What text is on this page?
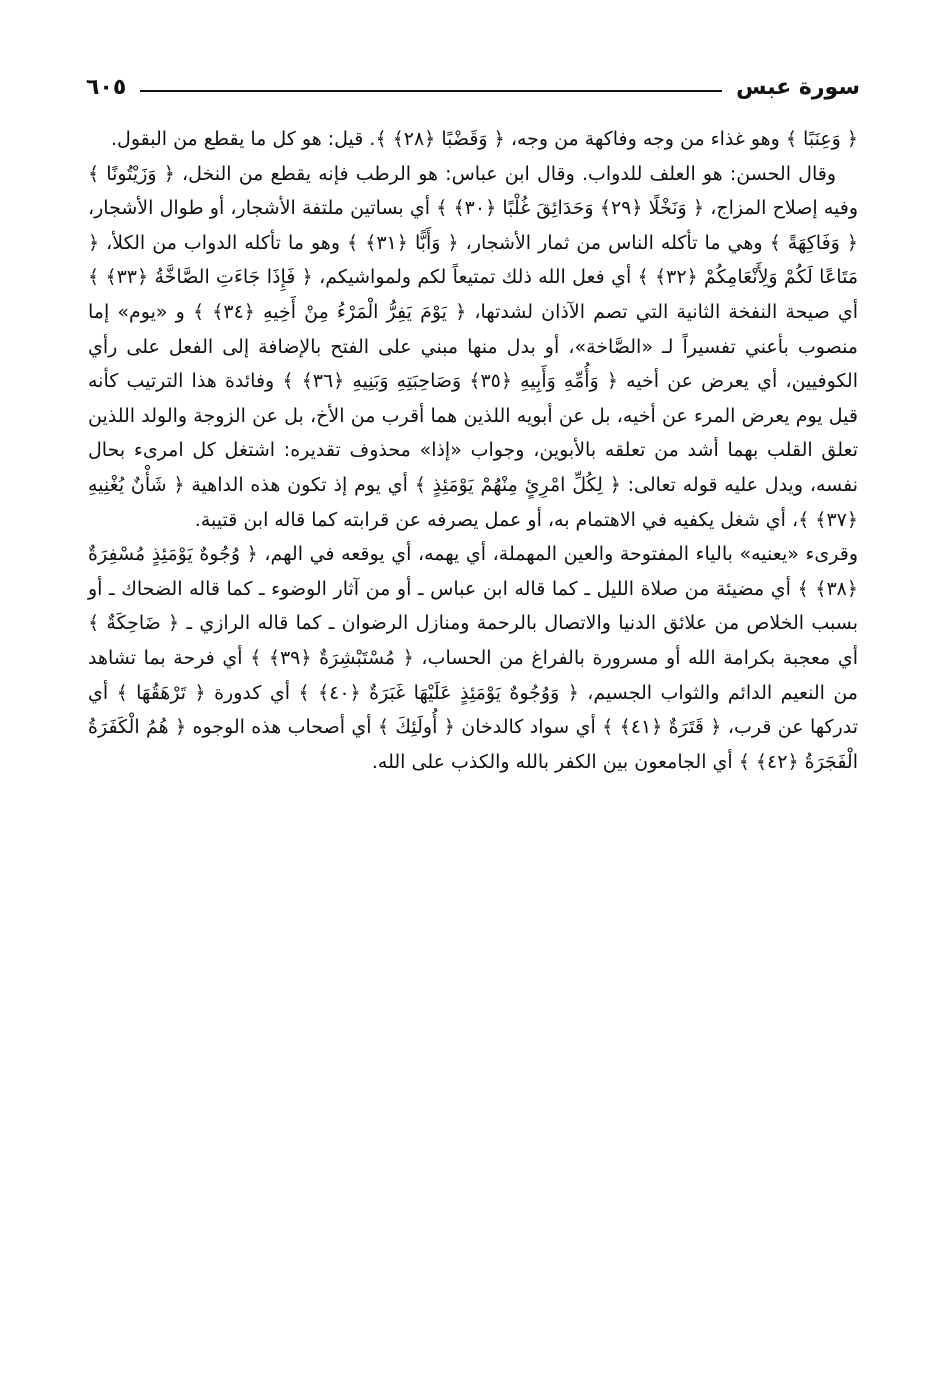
سورة عبس
٦٠٥

﴿ وَعِنَبًا ﴾ وهو غذاء من وجه وفاكهة من وجه، ﴿ وَقَضْبًا ﴿٢٨﴾ ﴾. قيل: هو كل ما يقطع من البقول.

وقال الحسن: هو العلف للدواب. وقال ابن عباس: هو الرطب فإنه يقطع من النخل، ﴿ وَزَيْتُونًا ﴾ وفيه إصلاح المزاج، ﴿ وَنَخْلًا ﴿٢٩﴾ وَحَدَائِقَ غُلْبًا ﴿٣٠﴾ ﴾ أي بساتين ملتفة الأشجار، أو طوال الأشجار، ﴿ وَفَاكِهَةً ﴾ وهي ما تأكله الناس من ثمار الأشجار، ﴿ وَأَبًّا ﴿٣١﴾ ﴾ وهو ما تأكله الدواب من الكلأ، ﴿ مَتَاعًا لَكُمْ وَلِأَنْعَامِكُمْ ﴿٣٢﴾ ﴾ أي فعل الله ذلك تمتيعاً لكم ولمواشيكم، ﴿ فَإِذَا جَاءَتِ الصَّاخَّةُ ﴿٣٣﴾ ﴾ أي صيحة النفخة الثانية التي تصم الآذان لشدتها، ﴿ يَوْمَ يَفِرُّ الْمَرْءُ مِنْ أَخِيهِ ﴿٣٤﴾ ﴾ و «يوم» إما منصوب بأعني تفسيراً لـ «الصَّاخة»، أو بدل منها مبني على الفتح بالإضافة إلى الفعل على رأي الكوفيين، أي يعرض عن أخيه ﴿ وَأُمِّهِ وَأَبِيهِ ﴿٣٥﴾ وَصَاحِبَتِهِ وَبَنِيهِ ﴿٣٦﴾ ﴾ وفائدة هذا الترتيب كأنه قيل يوم يعرض المرء عن أخيه، بل عن أبويه اللذين هما أقرب من الأخ، بل عن الزوجة والولد اللذين تعلق القلب بهما أشد من تعلقه بالأبوين، وجواب «إذا» محذوف تقديره: اشتغل كل امرىء بحال نفسه، ويدل عليه قوله تعالى: ﴿ لِكُلِّ امْرِئٍ مِنْهُمْ يَوْمَئِذٍ ﴾ أي يوم إذ تكون هذه الداهية ﴿ شَأْنٌ يُغْنِيهِ ﴿٣٧﴾ ﴾، أي شغل يكفيه في الاهتمام به، أو عمل يصرفه عن قرابته كما قاله ابن قتيبة.

وقرىء «يعنيه» بالياء المفتوحة والعين المهملة، أي يهمه، أي يوقعه في الهم، ﴿ وُجُوهٌ يَوْمَئِذٍ مُسْفِرَةٌ ﴿٣٨﴾ ﴾ أي مضيئة من صلاة الليل ـ كما قاله ابن عباس ـ أو من آثار الوضوء ـ كما قاله الضحاك ـ أو بسبب الخلاص من علائق الدنيا والاتصال بالرحمة ومنازل الرضوان ـ كما قاله الرازي ـ ﴿ ضَاحِكَةٌ ﴾ أي معجبة بكرامة الله أو مسرورة بالفراغ من الحساب، ﴿ مُسْتَبْشِرَةٌ ﴿٣٩﴾ ﴾ أي فرحة بما تشاهد من النعيم الدائم والثواب الجسيم، ﴿ وَوُجُوهٌ يَوْمَئِذٍ عَلَيْهَا غَبَرَةٌ ﴿٤٠﴾ ﴾ أي كدورة ﴿ تَرْهَقُهَا ﴾ أي تدركها عن قرب، ﴿ قَتَرَةٌ ﴿٤١﴾ ﴾ أي سواد كالدخان ﴿ أُولَئِكَ ﴾ أي أصحاب هذه الوجوه ﴿ هُمُ الْكَفَرَةُ الْفَجَرَةُ ﴿٤٢﴾ ﴾ أي الجامعون بين الكفر بالله والكذب على الله.
